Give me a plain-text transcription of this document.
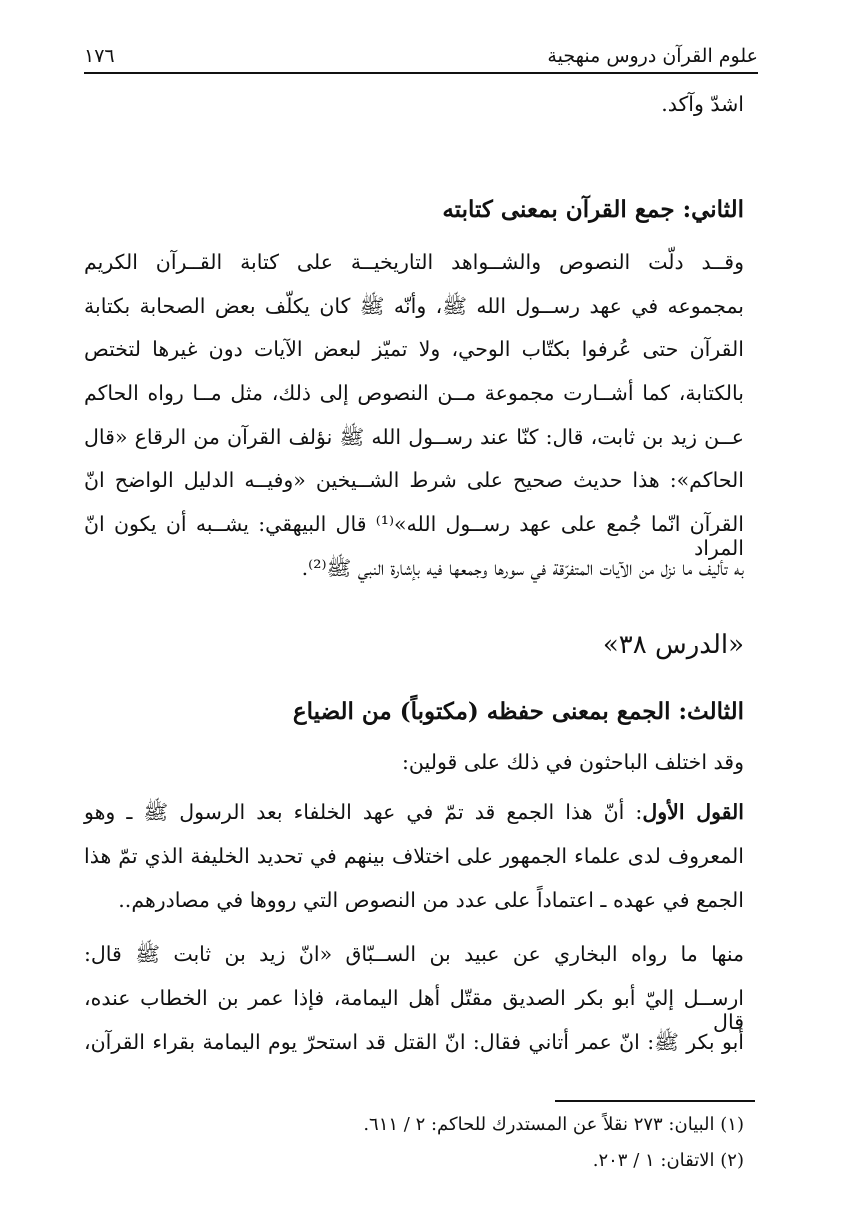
علوم القرآن دروس منهجية
١٧٦
اشدّ وآكد.
الثاني: جمع القرآن بمعنى كتابته
وقــد دلّت النصوص والشــواهد التاريخيــة على كتابة القــرآن الكريم
بمجموعه في عهد رســول الله ﷺ، وأنّه ﷺ كان يكلّف بعض الصحابة بكتابة
القرآن حتى عُرفوا بكتّاب الوحي، ولا تميّز لبعض الآيات دون غيرها لتختص
بالكتابة، كما أشــارت مجموعة مــن النصوص إلى ذلك، مثل مــا رواه الحاكم
عــن زيد بن ثابت، قال: كنّا عند رســول الله ﷺ نؤلف القرآن من الرقاع «قال
الحاكم»: هذا حديث صحيح على شرط الشــيخين «وفيــه الدليل الواضح انّ
القرآن انّما جُمع على عهد رســول الله»⁽¹⁾ قال البيهقي: يشــبه أن يكون انّ المراد
به تأليف ما نزل من الآيات المتفرّقة في سورها وجمعها فيه بإشارة النبي ﷺ⁽²⁾.
«الدرس ٣٨»
الثالث: الجمع بمعنى حفظه (مكتوباً) من الضياع
وقد اختلف الباحثون في ذلك على قولين:
القول الأول: أنّ هذا الجمع قد تمّ في عهد الخلفاء بعد الرسول ﷺ ـ وهو
المعروف لدى علماء الجمهور على اختلاف بينهم في تحديد الخليفة الذي تمّ هذا
الجمع في عهده ـ اعتماداً على عدد من النصوص التي رووها في مصادرهم..
منها ما رواه البخاري عن عبيد بن الســبّاق «انّ زيد بن ثابت ﷺ قال:
ارســل إليّ أبو بكر الصديق مقتّل أهل اليمامة، فإذا عمر بن الخطاب عنده، قال
أبو بكر ﷺ: انّ عمر أتاني فقال: انّ القتل قد استحرّ يوم اليمامة بقراء القرآن،
(١) البيان: ٢٧٣ نقلاً عن المستدرك للحاكم: ٢ / ٦١١.
(٢) الاتقان: ١ / ٢٠٣.
